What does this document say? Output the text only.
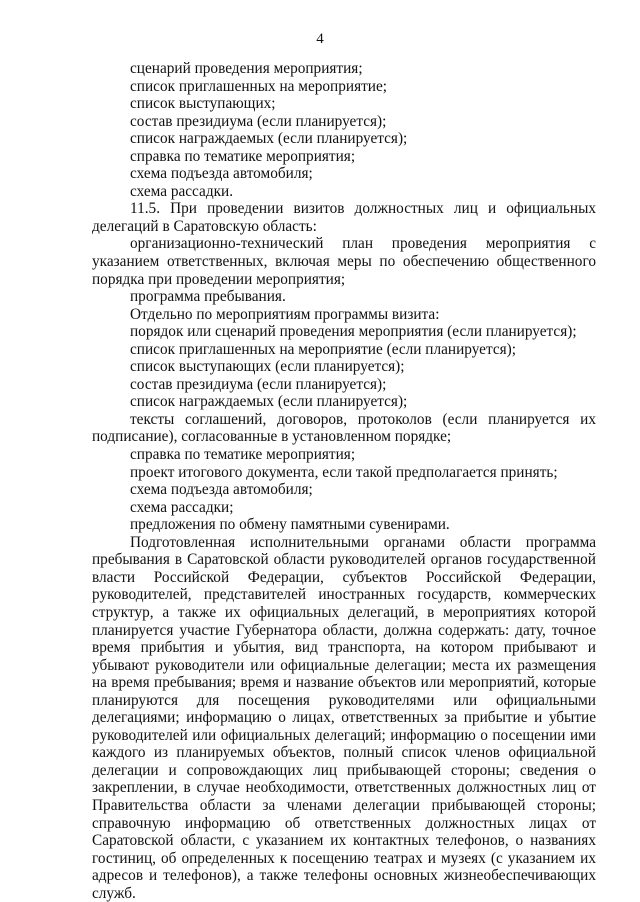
4

сценарий проведения мероприятия;

список приглашенных на мероприятие;

список выступающих;

состав президиума (если планируется);

список награждаемых (если планируется);

справка по тематике мероприятия;

схема подъезда автомобиля;

схема рассадки.

11.5. При проведении визитов должностных лиц и официальных делегаций в Саратовскую область:

организационно-технический план проведения мероприятия с указанием ответственных, включая меры по обеспечению общественного порядка при проведении мероприятия;

программа пребывания.

Отдельно по мероприятиям программы визита:

порядок или сценарий проведения мероприятия (если планируется);

список приглашенных на мероприятие (если планируется);

список выступающих (если планируется);

состав президиума (если планируется);

список награждаемых (если планируется);

тексты соглашений, договоров, протоколов (если планируется их подписание), согласованные в установленном порядке;

справка по тематике мероприятия;

проект итогового документа, если такой предполагается принять;

схема подъезда автомобиля;

схема рассадки;

предложения по обмену памятными сувенирами.

Подготовленная исполнительными органами области программа пребывания в Саратовской области руководителей органов государственной власти Российской Федерации, субъектов Российской Федерации, руководителей, представителей иностранных государств, коммерческих структур, а также их официальных делегаций, в мероприятиях которой планируется участие Губернатора области, должна содержать: дату, точное время прибытия и убытия, вид транспорта, на котором прибывают и убывают руководители или официальные делегации; места их размещения на время пребывания; время и название объектов или мероприятий, которые планируются для посещения руководителями или официальными делегациями; информацию о лицах, ответственных за прибытие и убытие руководителей или официальных делегаций; информацию о посещении ими каждого из планируемых объектов, полный список членов официальной делегации и сопровождающих лиц прибывающей стороны; сведения о закреплении, в случае необходимости, ответственных должностных лиц от Правительства области за членами делегации прибывающей стороны; справочную информацию об ответственных должностных лицах от Саратовской области, с указанием их контактных телефонов, о названиях гостиниц, об определенных к посещению театрах и музеях (с указанием их адресов и телефонов), а также телефоны основных жизнеобеспечивающих служб.
